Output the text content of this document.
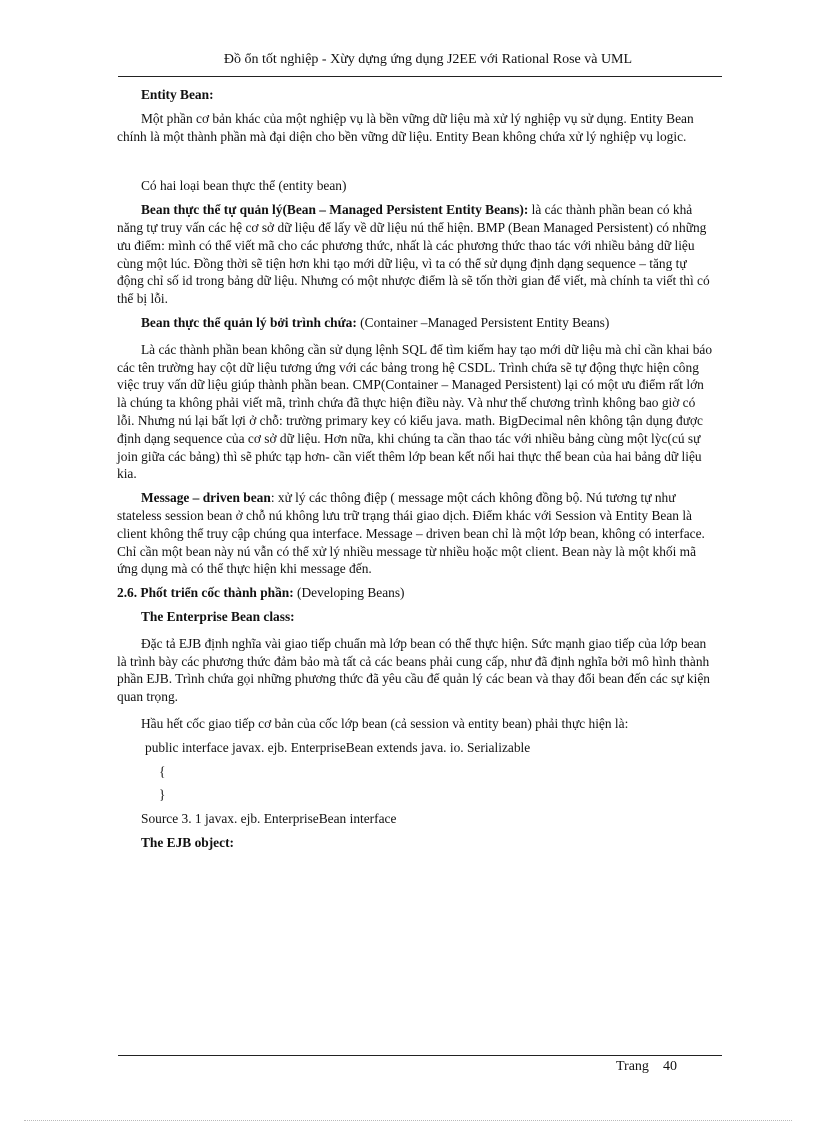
Đồ ổn tốt nghiệp - Xừy dựng ứng dụng J2EE với Rational Rose và UML
Entity Bean:
Một phần cơ bản khác của một nghiệp vụ là bền vững dữ liệu mà xử lý nghiệp vụ sử dụng. Entity Bean chính là một thành phần mà đại diện cho bền vững dữ liệu. Entity Bean không chứa xử lý nghiệp vụ logic.
Có hai loại bean thực thể (entity bean)
Bean thực thể tự quản lý(Bean – Managed Persistent Entity Beans): là các thành phần bean có khả năng tự truy vấn các hệ cơ sở dữ liệu để lấy về dữ liệu nú thể hiện. BMP (Bean Managed Persistent) có những ưu điểm: mình có thể viết mã cho các phương thức, nhất là các phương thức thao tác với nhiều bảng dữ liệu cùng một lúc. Đồng thời sẽ tiện hơn khi tạo mới dữ liệu, vì ta có thể sử dụng định dạng sequence – tăng tự động chỉ số id trong bảng dữ liệu. Nhưng có một nhược điểm là sẽ tốn thời gian để viết, mà chính ta viết thì có thể bị lỗi.
Bean thực thể quản lý bởi trình chứa: (Container –Managed Persistent Entity Beans)
Là các thành phần bean không cần sử dụng lệnh SQL để tìm kiếm hay tạo mới dữ liệu mà chỉ cần khai báo các tên trường hay cột dữ liệu tương ứng với các bảng trong hệ CSDL. Trình chứa sẽ tự động thực hiện công việc truy vấn dữ liệu giúp thành phần bean. CMP(Container – Managed Persistent) lại có một ưu điểm rất lớn là chúng ta không phải viết mã, trình chứa đã thực hiện điều này. Và như thế chương trình không bao giờ có lỗi. Nhưng nú lại bất lợi ở chỗ: trường primary key có kiểu java. math. BigDecimal nên không tận dụng được định dạng sequence của cơ sở dữ liệu. Hơn nữa, khi chúng ta cần thao tác với nhiều bảng cùng một lỳc(cú sự join giữa các bảng) thì sẽ phức tạp hơn- cần viết thêm lớp bean kết nối hai thực thể bean của hai bảng dữ liệu kia.
Message – driven bean: xử lý các thông điệp ( message một cách không đồng bộ. Nú tương tự như stateless session bean ở chỗ nú không lưu trữ trạng thái giao dịch. Điểm khác với Session và Entity Bean là client không thể truy cập chúng qua interface. Message – driven bean chỉ là một lớp bean, không có interface. Chỉ cần một bean này nú vẫn có thể xử lý nhiều message từ nhiều hoặc một client. Bean này là một khối mã ứng dụng mà có thể thực hiện khi message đến.
2.6. Phốt triển cốc thành phần: (Developing Beans)
The Enterprise Bean class:
Đặc tả EJB định nghĩa vài giao tiếp chuẩn mà lớp bean có thể thực hiện. Sức mạnh giao tiếp của lớp bean là trình bày các phương thức đảm bảo mà tất cả các beans phải cung cấp, như đã định nghĩa bởi mô hình thành phần EJB. Trình chứa gọi những phương thức đã yêu cầu để quản lý các bean và thay đổi bean đến các sự kiện quan trọng.
Hầu hết cốc giao tiếp cơ bản của cốc lớp bean (cả session và entity bean) phải thực hiện là:
public interface javax. ejb. EnterpriseBean extends java. io. Serializable
{
}
Source 3. 1 javax. ejb. EnterpriseBean interface
The EJB object:
Trang 40
